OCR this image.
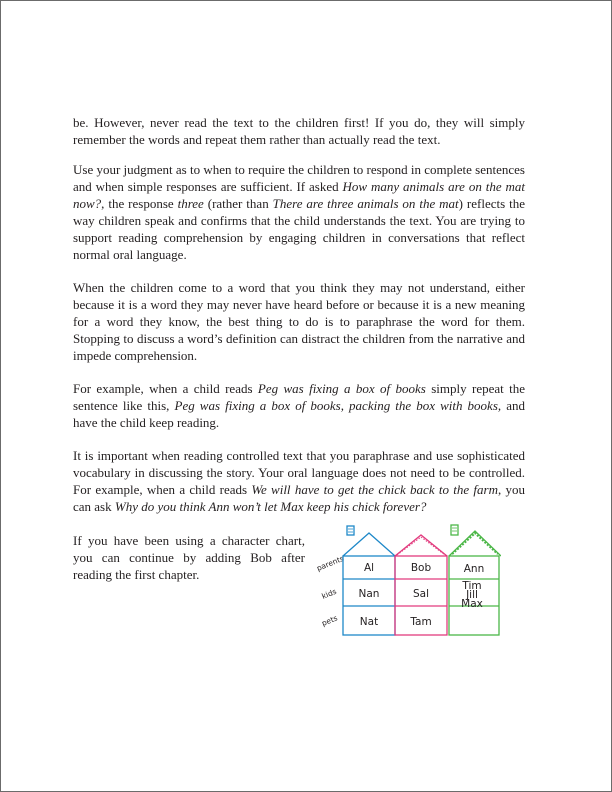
be. However, never read the text to the children first! If you do, they will simply remember the words and repeat them rather than actually read the text.

Use your judgment as to when to require the children to respond in complete sentences and when simple responses are sufficient. If asked How many animals are on the mat now?, the response three (rather than There are three animals on the mat) reflects the way children speak and confirms that the child understands the text. You are trying to support reading comprehension by engaging children in conversations that reflect normal oral language.

When the children come to a word that you think they may not understand, either because it is a word they may never have heard before or because it is a new meaning for a word they know, the best thing to do is to paraphrase the word for them. Stopping to discuss a word’s definition can distract the children from the narrative and impede comprehension.

For example, when a child reads Peg was fixing a box of books simply repeat the sentence like this, Peg was fixing a box of books, packing the box with books, and have the child keep reading.

It is important when reading controlled text that you paraphrase and use sophisticated vocabulary in discussing the story. Your oral language does not need to be controlled. For example, when a child reads We will have to get the chick back to the farm, you can ask Why do you think Ann won’t let Max keep his chick forever?

If you have been using a character chart, you can continue by adding Bob after reading the first chapter.
parents
kids
pets
Al
Nan
Nat
Bob
Sal
Tam
Ann
Tim
Jill
Max
